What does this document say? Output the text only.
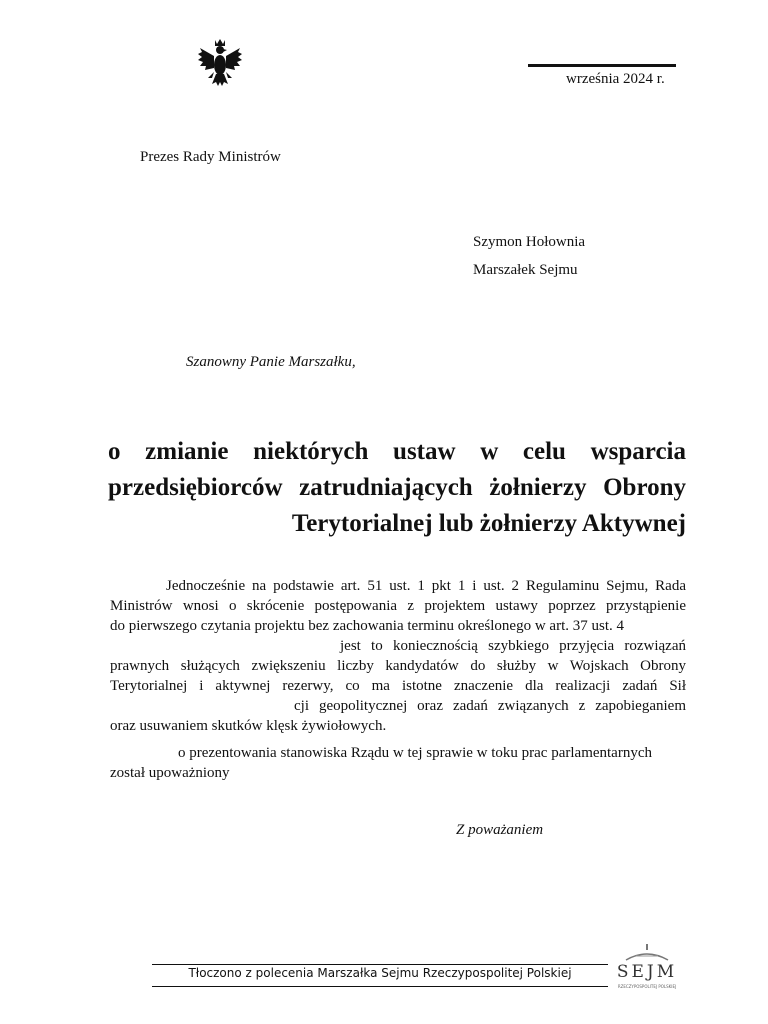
września 2024 r.
Prezes Rady Ministrów
Szymon Hołownia
Marszałek Sejmu
Szanowny Panie Marszałku,
o zmianie niektórych ustaw w celu wsparcia przedsiębiorców zatrudniających żołnierzy Obrony Terytorialnej lub żołnierzy Aktywnej
Jednocześnie na podstawie art. 51 ust. 1 pkt 1 i ust. 2 Regulaminu Sejmu, Rada
Ministrów wnosi o skrócenie postępowania z projektem ustawy poprzez przystąpienie
do pierwszego czytania projektu bez zachowania terminu określonego w art. 37 ust. 4
jest to koniecznością szybkiego przyjęcia rozwiązań
prawnych służących zwiększeniu liczby kandydatów do służby w Wojskach Obrony
Terytorialnej i aktywnej rezerwy, co ma istotne znaczenie dla realizacji zadań Sił
cji geopolitycznej oraz zadań związanych z zapobieganiem
oraz usuwaniem skutków klęsk żywiołowych.
o prezentowania stanowiska Rządu w tej sprawie w toku prac parlamentarnych
został upoważniony
Z poważaniem
Tłoczono z polecenia Marszałka Sejmu Rzeczypospolitej Polskiej	SEJM
RZECZYPOSPOLITEJ POLSKIEJ
